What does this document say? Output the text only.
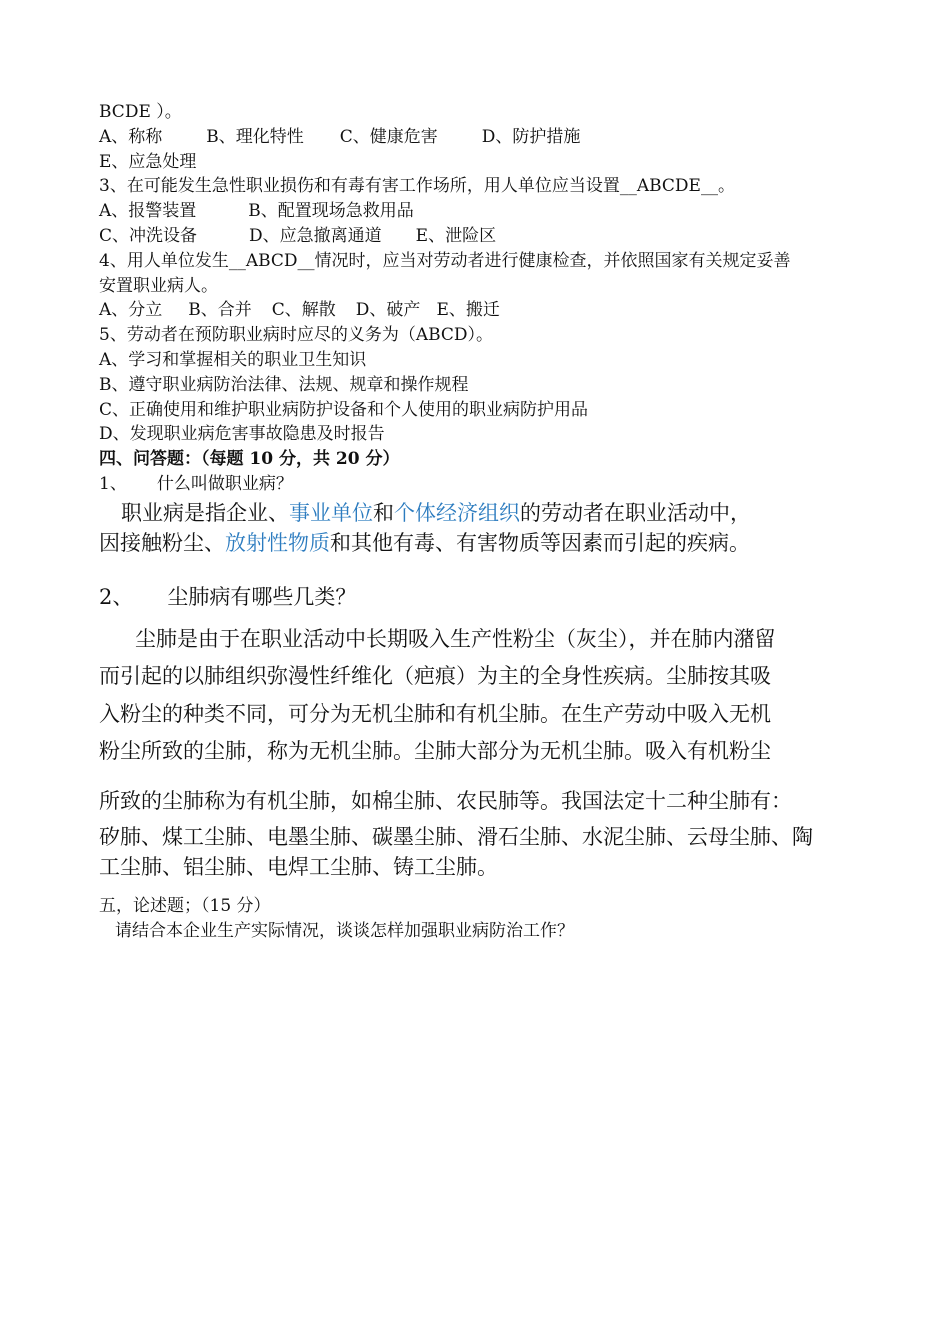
BCDE ）。
A、称称	B、理化特性 C、健康危害	D、防护措施
E、应急处理
3、在可能发生急性职业损伤和有毒有害工作场所，用人单位应当设置__ABCDE__。
A、报警装置	B、配置现场急救用品
C、冲洗设备	D、应急撤离通道 E、泄险区
4、用人单位发生__ABCD__情况时，应当对劳动者进行健康检查，并依照国家有关规定妥善
安置职业病人。
A、分立 B、合并 C、解散 D、破产 E、搬迁
5、劳动者在预防职业病时应尽的义务为（ABCD）。
A、学习和掌握相关的职业卫生知识
B、遵守职业病防治法律、法规、规章和操作规程
C、正确使用和维护职业病防护设备和个人使用的职业病防护用品
D、发现职业病危害事故隐患及时报告
四、问答题：（每题 10 分，共 20 分）
1、 什么叫做职业病？
职业病是指企业、事业单位和个体经济组织的劳动者在职业活动中，
因接触粉尘、放射性物质和其他有毒、有害物质等因素而引起的疾病。
2、 尘肺病有哪些几类？
尘肺是由于在职业活动中长期吸入生产性粉尘（灰尘），并在肺内潴留
而引起的以肺组织弥漫性纤维化（疤痕）为主的全身性疾病。尘肺按其吸
入粉尘的种类不同，可分为无机尘肺和有机尘肺。在生产劳动中吸入无机
粉尘所致的尘肺，称为无机尘肺。尘肺大部分为无机尘肺。吸入有机粉尘
所致的尘肺称为有机尘肺，如棉尘肺、农民肺等。我国法定十二种尘肺有：
矽肺、煤工尘肺、电墨尘肺、碳墨尘肺、滑石尘肺、水泥尘肺、云母尘肺、陶
工尘肺、铝尘肺、电焊工尘肺、铸工尘肺。
五，论述题；（15 分）
请结合本企业生产实际情况，谈谈怎样加强职业病防治工作？
